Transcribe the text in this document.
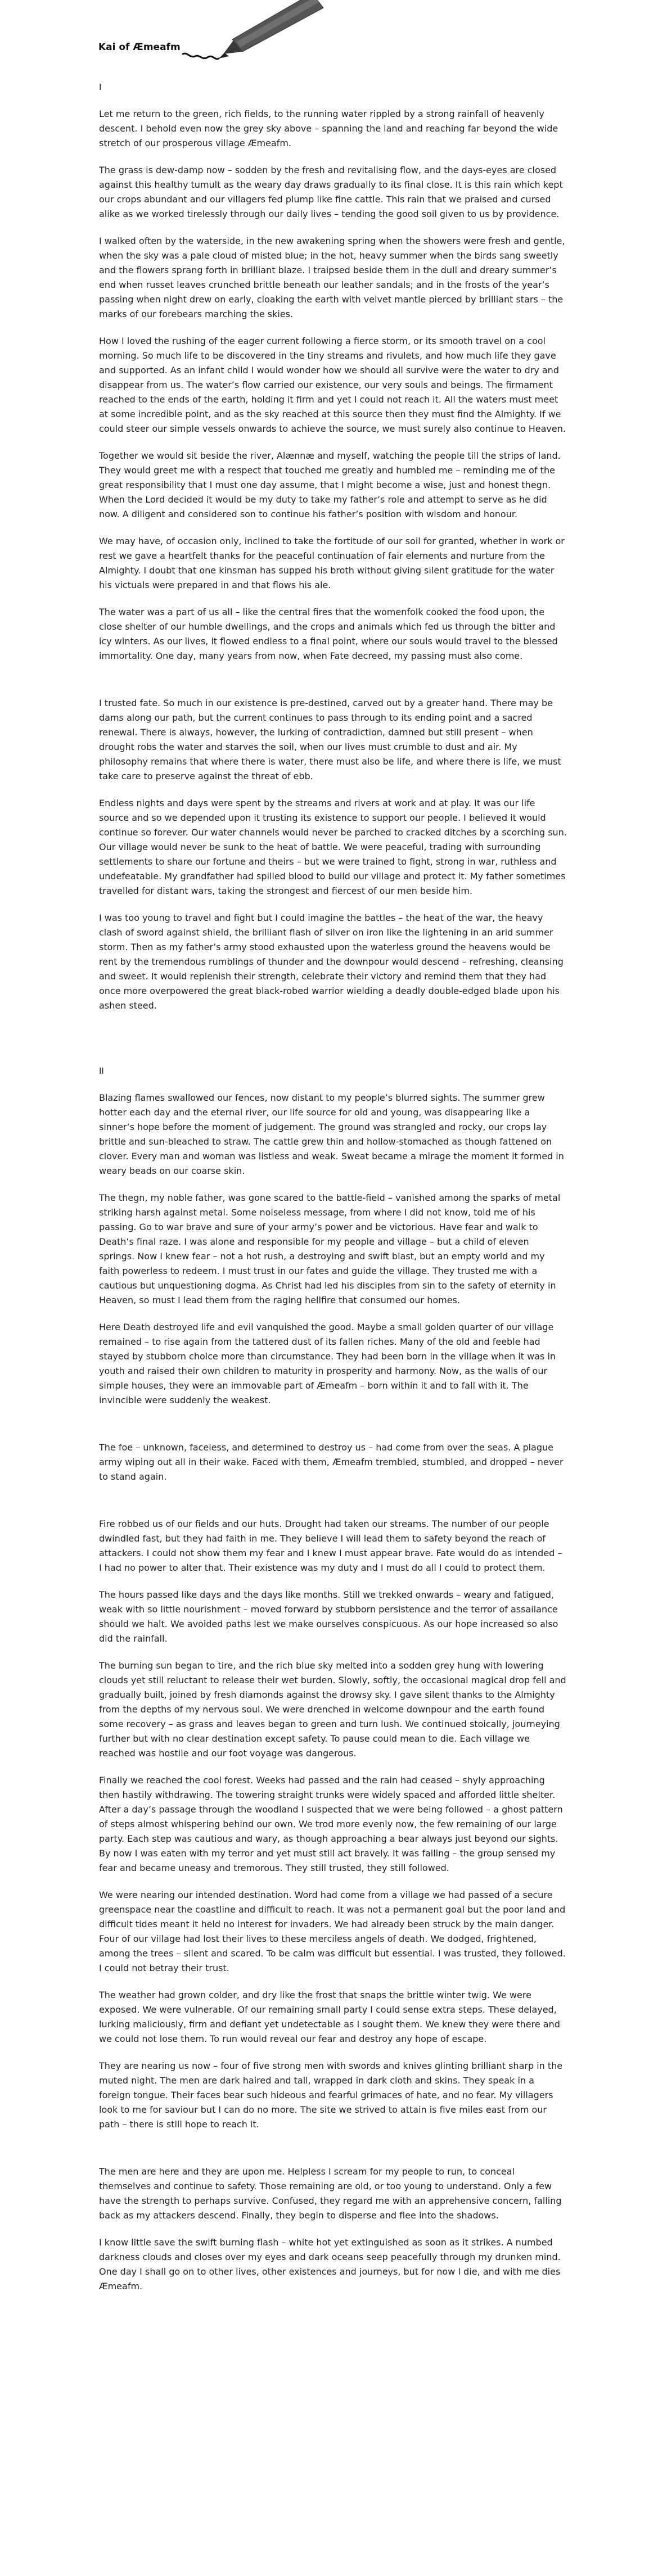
Kai of Æmeafm
I

Let me return to the green, rich fields, to the running water rippled by a strong rainfall of heavenly descent. I behold even now the grey sky above – spanning the land and reaching far beyond the wide stretch of our prosperous village Æmeafm.

The grass is dew-damp now – sodden by the fresh and revitalising flow, and the days-eyes are closed against this healthy tumult as the weary day draws gradually to its final close. It is this rain which kept our crops abundant and our villagers fed plump like fine cattle. This rain that we praised and cursed alike as we worked tirelessly through our daily lives – tending the good soil given to us by providence.

I walked often by the waterside, in the new awakening spring when the showers were fresh and gentle, when the sky was a pale cloud of misted blue; in the hot, heavy summer when the birds sang sweetly and the flowers sprang forth in brilliant blaze. I traipsed beside them in the dull and dreary summer’s end when russet leaves crunched brittle beneath our leather sandals; and in the frosts of the year’s passing when night drew on early, cloaking the earth with velvet mantle pierced by brilliant stars – the marks of our forebears marching the skies.

How I loved the rushing of the eager current following a fierce storm, or its smooth travel on a cool morning. So much life to be discovered in the tiny streams and rivulets, and how much life they gave and supported. As an infant child I would wonder how we should all survive were the water to dry and disappear from us. The water’s flow carried our existence, our very souls and beings. The firmament reached to the ends of the earth, holding it firm and yet I could not reach it. All the waters must meet at some incredible point, and as the sky reached at this source then they must find the Almighty. If we could steer our simple vessels onwards to achieve the source, we must surely also continue to Heaven.

Together we would sit beside the river, Alænnæ and myself, watching the people till the strips of land. They would greet me with a respect that touched me greatly and humbled me – reminding me of the great responsibility that I must one day assume, that I might become a wise, just and honest thegn. When the Lord decided it would be my duty to take my father’s role and attempt to serve as he did now. A diligent and considered son to continue his father’s position with wisdom and honour.

We may have, of occasion only, inclined to take the fortitude of our soil for granted, whether in work or rest we gave a heartfelt thanks for the peaceful continuation of fair elements and nurture from the Almighty. I doubt that one kinsman has supped his broth without giving silent gratitude for the water his victuals were prepared in and that flows his ale.

The water was a part of us all – like the central fires that the womenfolk cooked the food upon, the close shelter of our humble dwellings, and the crops and animals which fed us through the bitter and icy winters. As our lives, it flowed endless to a final point, where our souls would travel to the blessed immortality. One day, many years from now, when Fate decreed, my passing must also come.

I trusted fate. So much in our existence is pre-destined, carved out by a greater hand. There may be dams along our path, but the current continues to pass through to its ending point and a sacred renewal. There is always, however, the lurking of contradiction, damned but still present – when drought robs the water and starves the soil, when our lives must crumble to dust and air. My philosophy remains that where there is water, there must also be life, and where there is life, we must take care to preserve against the threat of ebb.

Endless nights and days were spent by the streams and rivers at work and at play. It was our life source and so we depended upon it trusting its existence to support our people. I believed it would continue so forever. Our water channels would never be parched to cracked ditches by a scorching sun. Our village would never be sunk to the heat of battle. We were peaceful, trading with surrounding settlements to share our fortune and theirs – but we were trained to fight, strong in war, ruthless and undefeatable. My grandfather had spilled blood to build our village and protect it. My father sometimes travelled for distant wars, taking the strongest and fiercest of our men beside him.

I was too young to travel and fight but I could imagine the battles – the heat of the war, the heavy clash of sword against shield, the brilliant flash of silver on iron like the lightening in an arid summer storm. Then as my father’s army stood exhausted upon the waterless ground the heavens would be rent by the tremendous rumblings of thunder and the downpour would descend – refreshing, cleansing and sweet. It would replenish their strength, celebrate their victory and remind them that they had once more overpowered the great black-robed warrior wielding a deadly double-edged blade upon his ashen steed.

II

Blazing flames swallowed our fences, now distant to my people’s blurred sights. The summer grew hotter each day and the eternal river, our life source for old and young, was disappearing like a sinner’s hope before the moment of judgement. The ground was strangled and rocky, our crops lay brittle and sun-bleached to straw. The cattle grew thin and hollow-stomached as though fattened on clover. Every man and woman was listless and weak. Sweat became a mirage the moment it formed in weary beads on our coarse skin.

The thegn, my noble father, was gone scared to the battle-field – vanished among the sparks of metal striking harsh against metal. Some noiseless message, from where I did not know, told me of his passing. Go to war brave and sure of your army’s power and be victorious. Have fear and walk to Death’s final raze. I was alone and responsible for my people and village – but a child of eleven springs. Now I knew fear – not a hot rush, a destroying and swift blast, but an empty world and my faith powerless to redeem. I must trust in our fates and guide the village. They trusted me with a cautious but unquestioning dogma. As Christ had led his disciples from sin to the safety of eternity in Heaven, so must I lead them from the raging hellfire that consumed our homes.

Here Death destroyed life and evil vanquished the good. Maybe a small golden quarter of our village remained – to rise again from the tattered dust of its fallen riches. Many of the old and feeble had stayed by stubborn choice more than circumstance. They had been born in the village when it was in youth and raised their own children to maturity in prosperity and harmony. Now, as the walls of our simple houses, they were an immovable part of Æmeafm – born within it and to fall with it. The invincible were suddenly the weakest.

The foe – unknown, faceless, and determined to destroy us – had come from over the seas. A plague army wiping out all in their wake. Faced with them, Æmeafm trembled, stumbled, and dropped – never to stand again.

Fire robbed us of our fields and our huts. Drought had taken our streams. The number of our people dwindled fast, but they had faith in me. They believe I will lead them to safety beyond the reach of attackers. I could not show them my fear and I knew I must appear brave. Fate would do as intended – I had no power to alter that. Their existence was my duty and I must do all I could to protect them.

The hours passed like days and the days like months. Still we trekked onwards – weary and fatigued, weak with so little nourishment – moved forward by stubborn persistence and the terror of assailance should we halt. We avoided paths lest we make ourselves conspicuous. As our hope increased so also did the rainfall.

The burning sun began to tire, and the rich blue sky melted into a sodden grey hung with lowering clouds yet still reluctant to release their wet burden. Slowly, softly, the occasional magical drop fell and gradually built, joined by fresh diamonds against the drowsy sky. I gave silent thanks to the Almighty from the depths of my nervous soul. We were drenched in welcome downpour and the earth found some recovery – as grass and leaves began to green and turn lush. We continued stoically, journeying further but with no clear destination except safety. To pause could mean to die. Each village we reached was hostile and our foot voyage was dangerous.

Finally we reached the cool forest. Weeks had passed and the rain had ceased – shyly approaching then hastily withdrawing. The towering straight trunks were widely spaced and afforded little shelter. After a day’s passage through the woodland I suspected that we were being followed – a ghost pattern of steps almost whispering behind our own. We trod more evenly now, the few remaining of our large party. Each step was cautious and wary, as though approaching a bear always just beyond our sights. By now I was eaten with my terror and yet must still act bravely. It was failing – the group sensed my fear and became uneasy and tremorous. They still trusted, they still followed.

We were nearing our intended destination. Word had come from a village we had passed of a secure greenspace near the coastline and difficult to reach. It was not a permanent goal but the poor land and difficult tides meant it held no interest for invaders. We had already been struck by the main danger. Four of our village had lost their lives to these merciless angels of death. We dodged, frightened, among the trees – silent and scared. To be calm was difficult but essential. I was trusted, they followed. I could not betray their trust.

The weather had grown colder, and dry like the frost that snaps the brittle winter twig. We were exposed. We were vulnerable. Of our remaining small party I could sense extra steps. These delayed, lurking maliciously, firm and defiant yet undetectable as I sought them. We knew they were there and we could not lose them. To run would reveal our fear and destroy any hope of escape.

They are nearing us now – four of five strong men with swords and knives glinting brilliant sharp in the muted night. The men are dark haired and tall, wrapped in dark cloth and skins. They speak in a foreign tongue. Their faces bear such hideous and fearful grimaces of hate, and no fear. My villagers look to me for saviour but I can do no more. The site we strived to attain is five miles east from our path – there is still hope to reach it.

The men are here and they are upon me. Helpless I scream for my people to run, to conceal themselves and continue to safety. Those remaining are old, or too young to understand. Only a few have the strength to perhaps survive. Confused, they regard me with an apprehensive concern, falling back as my attackers descend. Finally, they begin to disperse and flee into the shadows.

I know little save the swift burning flash – white hot yet extinguished as soon as it strikes. A numbed darkness clouds and closes over my eyes and dark oceans seep peacefully through my drunken mind. One day I shall go on to other lives, other existences and journeys, but for now I die, and with me dies Æmeafm.
